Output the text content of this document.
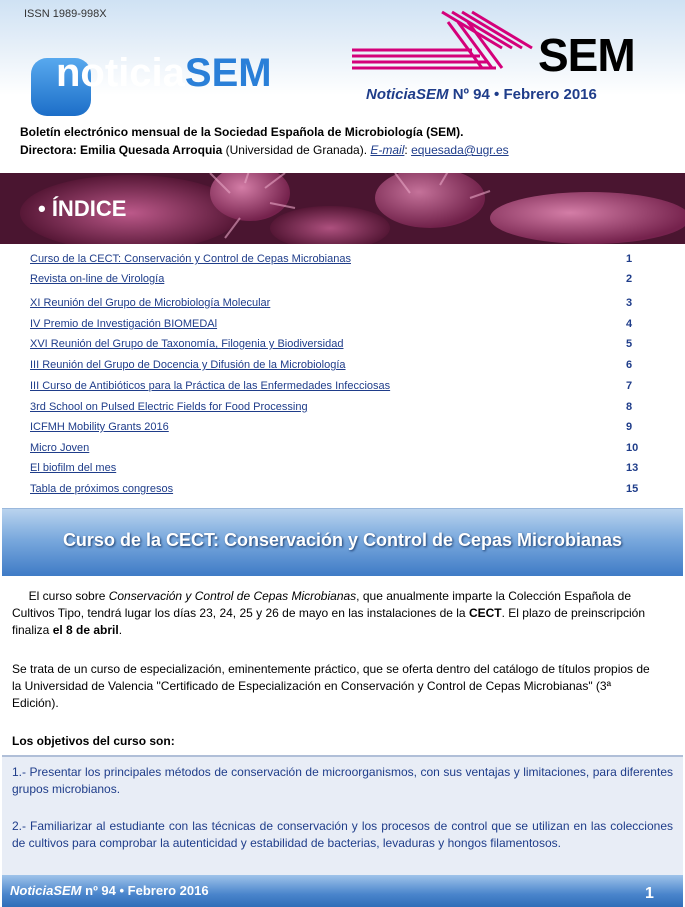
ISSN 1989-998X
noticiaSEM	SEM
NoticiaSEM Nº 94 • Febrero 2016
Boletín electrónico mensual de la Sociedad Española de Microbiología (SEM).
Directora: Emilia Quesada Arroquia (Universidad de Granada). E-mail: equesada@ugr.es
• ÍNDICE
Curso de la CECT: Conservación y Control de Cepas Microbianas	1
Revista on-line de Virología	2
XI Reunión del Grupo de Microbiología Molecular	3
IV Premio de Investigación BIOMEDAl	4
XVI Reunión del Grupo de Taxonomía, Filogenia y Biodiversidad	5
III Reunión del Grupo de Docencia y Difusión de la Microbiología	6
III Curso de Antibióticos para la Práctica de las Enfermedades Infecciosas	7
3rd School on Pulsed Electric Fields for Food Processing	8
ICFMH Mobility Grants 2016	9
Micro Joven	10
El biofilm del mes	13
Tabla de próximos congresos	15
Curso de la CECT: Conservación y Control de Cepas Microbianas
El curso sobre Conservación y Control de Cepas Microbianas, que anualmente imparte la Colección Española de Cultivos Tipo, tendrá lugar los días 23, 24, 25 y 26 de mayo en las instalaciones de la CECT. El plazo de preinscripción finaliza el 8 de abril.
Se trata de un curso de especialización, eminentemente práctico, que se oferta dentro del catálogo de títulos propios de la Universidad de Valencia "Certificado de Especialización en Conservación y Control de Cepas Microbianas" (3ª Edición).
Los objetivos del curso son:
1.- Presentar los principales métodos de conservación de microorganismos, con sus ventajas y limitaciones, para diferentes grupos microbianos.
2.- Familiarizar al estudiante con las técnicas de conservación y los procesos de control que se utilizan en las colecciones de cultivos para comprobar la autenticidad y estabilidad de bacterias, levaduras y hongos filamentosos.
NoticiaSEM nº 94 • Febrero 2016	1
